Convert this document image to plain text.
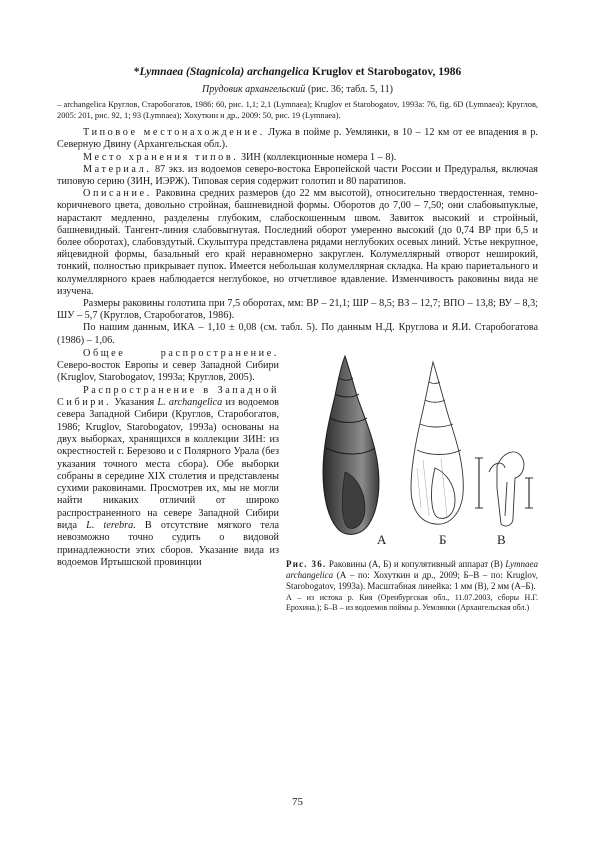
*Lymnaea (Stagnicola) archangelica Kruglov et Starobogatov, 1986
Прудовик архангельский (рис. 36; табл. 5, 11)
– archangelica Круглов, Старобогатов, 1986: 60, рис. 1,1; 2,1 (Lymnaea); Kruglov et Starobogatov, 1993a: 76, fig. 6D (Lymnaea); Круглов, 2005: 201, рис. 92, 1; 93 (Lymnaea); Хохуткин и др., 2009: 50, рис. 19 (Lymnaea).

Типовое местонахождение. Лужа в пойме р. Уемлянки, в 10 – 12 км от ее впадения в р. Северную Двину (Архангельская обл.).

Место хранения типов. ЗИН (коллекционные номера 1 – 8).

Материал. 87 экз. из водоемов северо-востока Европейской части России и Предуралья, включая типовую серию (ЗИН, ИЭРЖ). Типовая серия содержит голотип и 80 паратипов.

Описание. Раковина средних размеров (до 22 мм высотой), относительно твердостенная, темно-коричневого цвета, довольно стройная, башневидной формы. Оборотов до 7,00 – 7,50; они слабовыпуклые, нарастают медленно, разделены глубоким, слабоскошенным швом. Завиток высокий и стройный, башневидный. Тангент-линия слабовыгнутая. Последний оборот умеренно высокий (до 0,74 ВР при 6,5 и более оборотах), слабовздутый. Скульптура представлена рядами неглубоких осевых линий. Устье некрупное, яйцевидной формы, базальный его край неравномерно закруглен. Колумеллярный отворот неширокий, тонкий, полностью прикрывает пупок. Имеется небольшая колумеллярная складка. На краю париетального и колумеллярного краев наблюдается неглубокое, но отчетливое вдавление. Изменчивость раковины вида не изучена.

Размеры раковины голотипа при 7,5 оборотах, мм: ВР – 21,1; ШР – 8,5; ВЗ – 12,7; ВПО – 13,8; ВУ – 8,3; ШУ – 5,7 (Круглов, Старобогатов, 1986).

По нашим данным, ИКА – 1,10 ± 0,08 (см. табл. 5). По данным Н.Д. Круглова и Я.И. Старобогатова (1986) – 1,06.

Общее распространение. Северо-восток Европы и север Западной Сибири (Kruglov, Starobogatov, 1993a; Круглов, 2005).

Распространение в Западной Сибири. Указания L. archangelica из водоемов севера Западной Сибири (Круглов, Старобогатов, 1986; Kruglov, Starobogatov, 1993a) основаны на двух выборках, хранящихся в коллекции ЗИН: из окрестностей г. Березово и с Полярного Урала (без указания точного места сбора). Обе выборки собраны в середине XIX столетия и представлены сухими раковинами. Просмотрев их, мы не могли найти никаких отличий от широко распространенного на севере Западной Сибири вида L. terebra. В отсутствие мягкого тела невозможно точно судить о видовой принадлежности этих сборов. Указание вида из водоемов Иртышской провинции

А	Б	В
Рис. 36. Раковины (А, Б) и копулятивный аппарат (В) Lymnaea archangelica (А – по: Хохуткин и др., 2009; Б–В – по: Kruglov, Starobogatov, 1993a). Масштабная линейка: 1 мм (В), 2 мм (А–Б).
А – из истока р. Кия (Оренбургская обл., 11.07.2003, сборы Н.Г. Ерохина.); Б–В – из водоемов поймы р. Уемлянки (Архангельская обл.)
75
